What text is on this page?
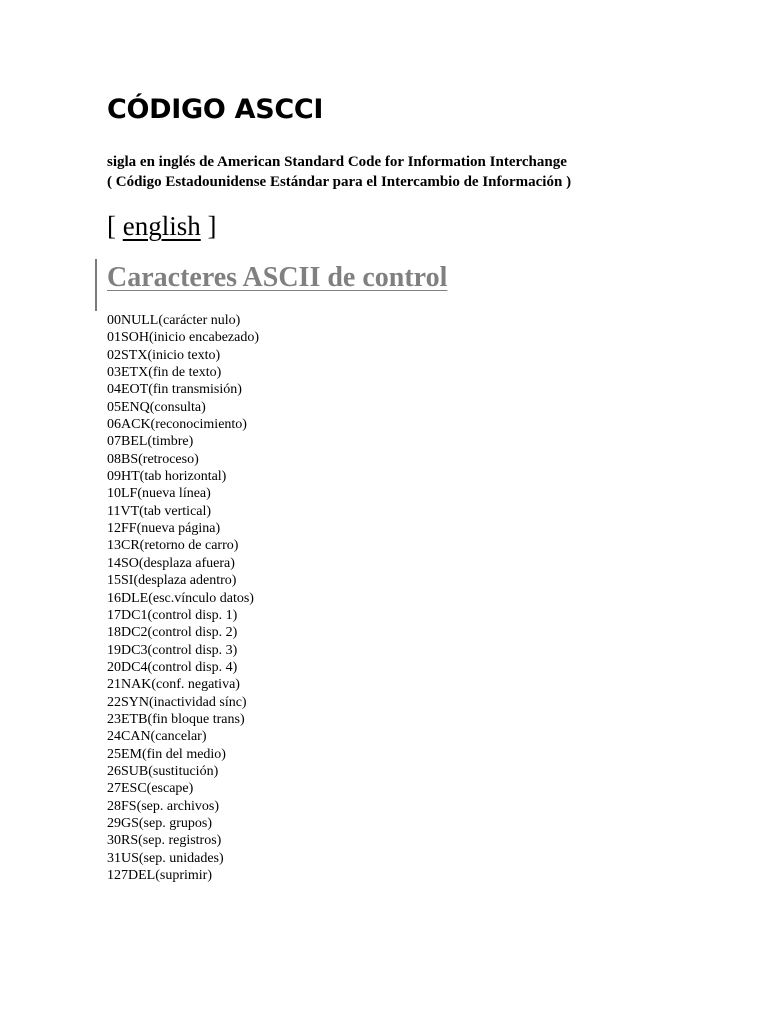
CÓDIGO ASCCI
sigla en inglés de American Standard Code for Information Interchange
( Código Estadounidense Estándar para el Intercambio de Información )
[ english ]
Caracteres ASCII de control
00NULL(carácter nulo)
01SOH(inicio encabezado)
02STX(inicio texto)
03ETX(fin de texto)
04EOT(fin transmisión)
05ENQ(consulta)
06ACK(reconocimiento)
07BEL(timbre)
08BS(retroceso)
09HT(tab horizontal)
10LF(nueva línea)
11VT(tab vertical)
12FF(nueva página)
13CR(retorno de carro)
14SO(desplaza afuera)
15SI(desplaza adentro)
16DLE(esc.vínculo datos)
17DC1(control disp. 1)
18DC2(control disp. 2)
19DC3(control disp. 3)
20DC4(control disp. 4)
21NAK(conf. negativa)
22SYN(inactividad sínc)
23ETB(fin bloque trans)
24CAN(cancelar)
25EM(fin del medio)
26SUB(sustitución)
27ESC(escape)
28FS(sep. archivos)
29GS(sep. grupos)
30RS(sep. registros)
31US(sep. unidades)
127DEL(suprimir)
